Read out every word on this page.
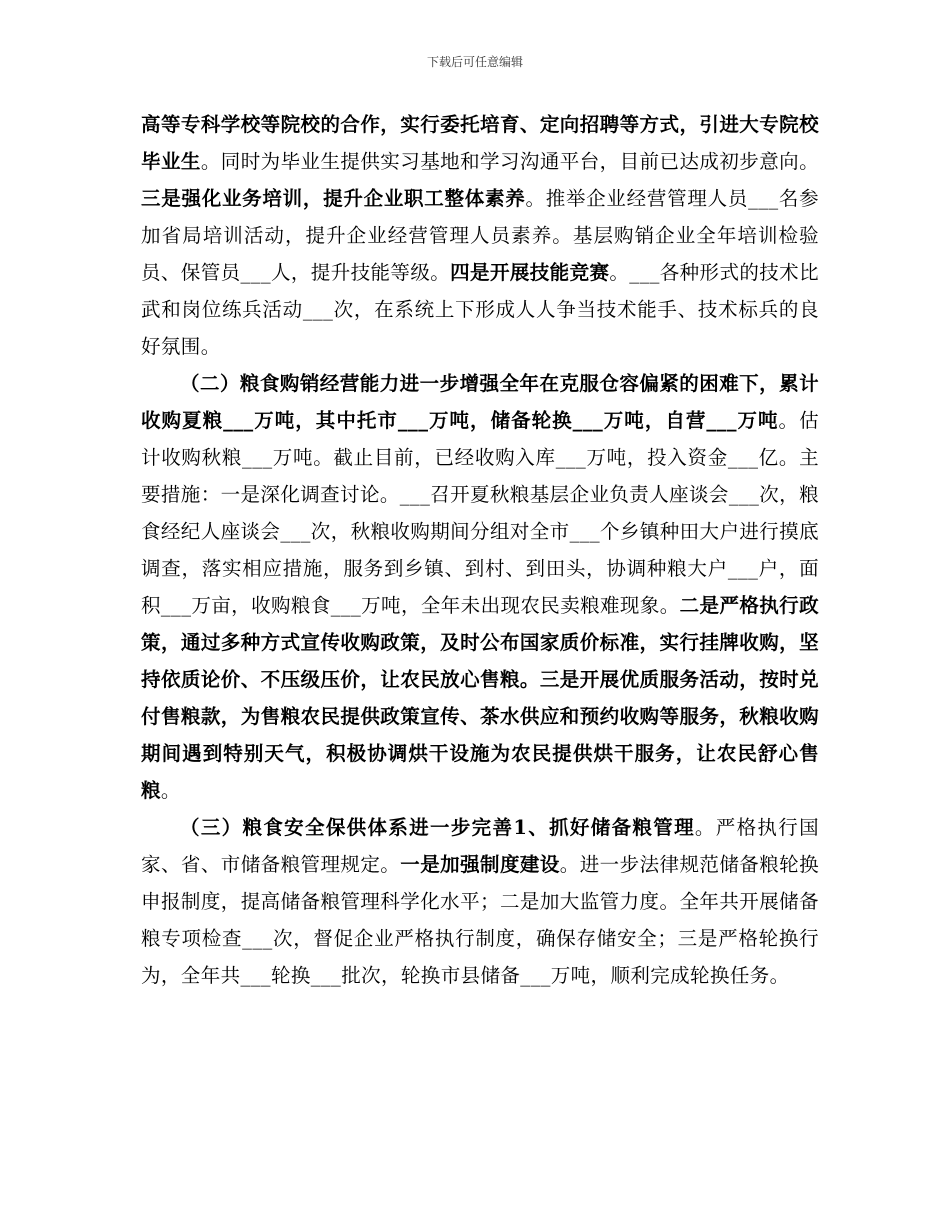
下载后可任意编辑

高等专科学校等院校的合作，实行委托培育、定向招聘等方式，引进大专院校毕业生。同时为毕业生提供实习基地和学习沟通平台，目前已达成初步意向。三是强化业务培训，提升企业职工整体素养。推举企业经营管理人员___名参加省局培训活动，提升企业经营管理人员素养。基层购销企业全年培训检验员、保管员___人，提升技能等级。四是开展技能竞赛。___各种形式的技术比武和岗位练兵活动___次，在系统上下形成人人争当技术能手、技术标兵的良好氛围。

（二）粮食购销经营能力进一步增强全年在克服仓容偏紧的困难下，累计收购夏粮___万吨，其中托市___万吨，储备轮换___万吨，自营___万吨。估计收购秋粮___万吨。截止目前，已经收购入库___万吨，投入资金___亿。主要措施：一是深化调查讨论。___召开夏秋粮基层企业负责人座谈会___次，粮食经纪人座谈会___次，秋粮收购期间分组对全市___个乡镇种田大户进行摸底调查，落实相应措施，服务到乡镇、到村、到田头，协调种粮大户___户，面积___万亩，收购粮食___万吨，全年未出现农民卖粮难现象。二是严格执行政策，通过多种方式宣传收购政策，及时公布国家质价标准，实行挂牌收购，坚持依质论价、不压级压价，让农民放心售粮。三是开展优质服务活动，按时兑付售粮款，为售粮农民提供政策宣传、茶水供应和预约收购等服务，秋粮收购期间遇到特别天气，积极协调烘干设施为农民提供烘干服务，让农民舒心售粮。

（三）粮食安全保供体系进一步完善1、抓好储备粮管理。严格执行国家、省、市储备粮管理规定。一是加强制度建设。进一步法律规范储备粮轮换申报制度，提高储备粮管理科学化水平；二是加大监管力度。全年共开展储备粮专项检查___次，督促企业严格执行制度，确保存储安全；三是严格轮换行为，全年共___轮换___批次，轮换市县储备___万吨，顺利完成轮换任务。
